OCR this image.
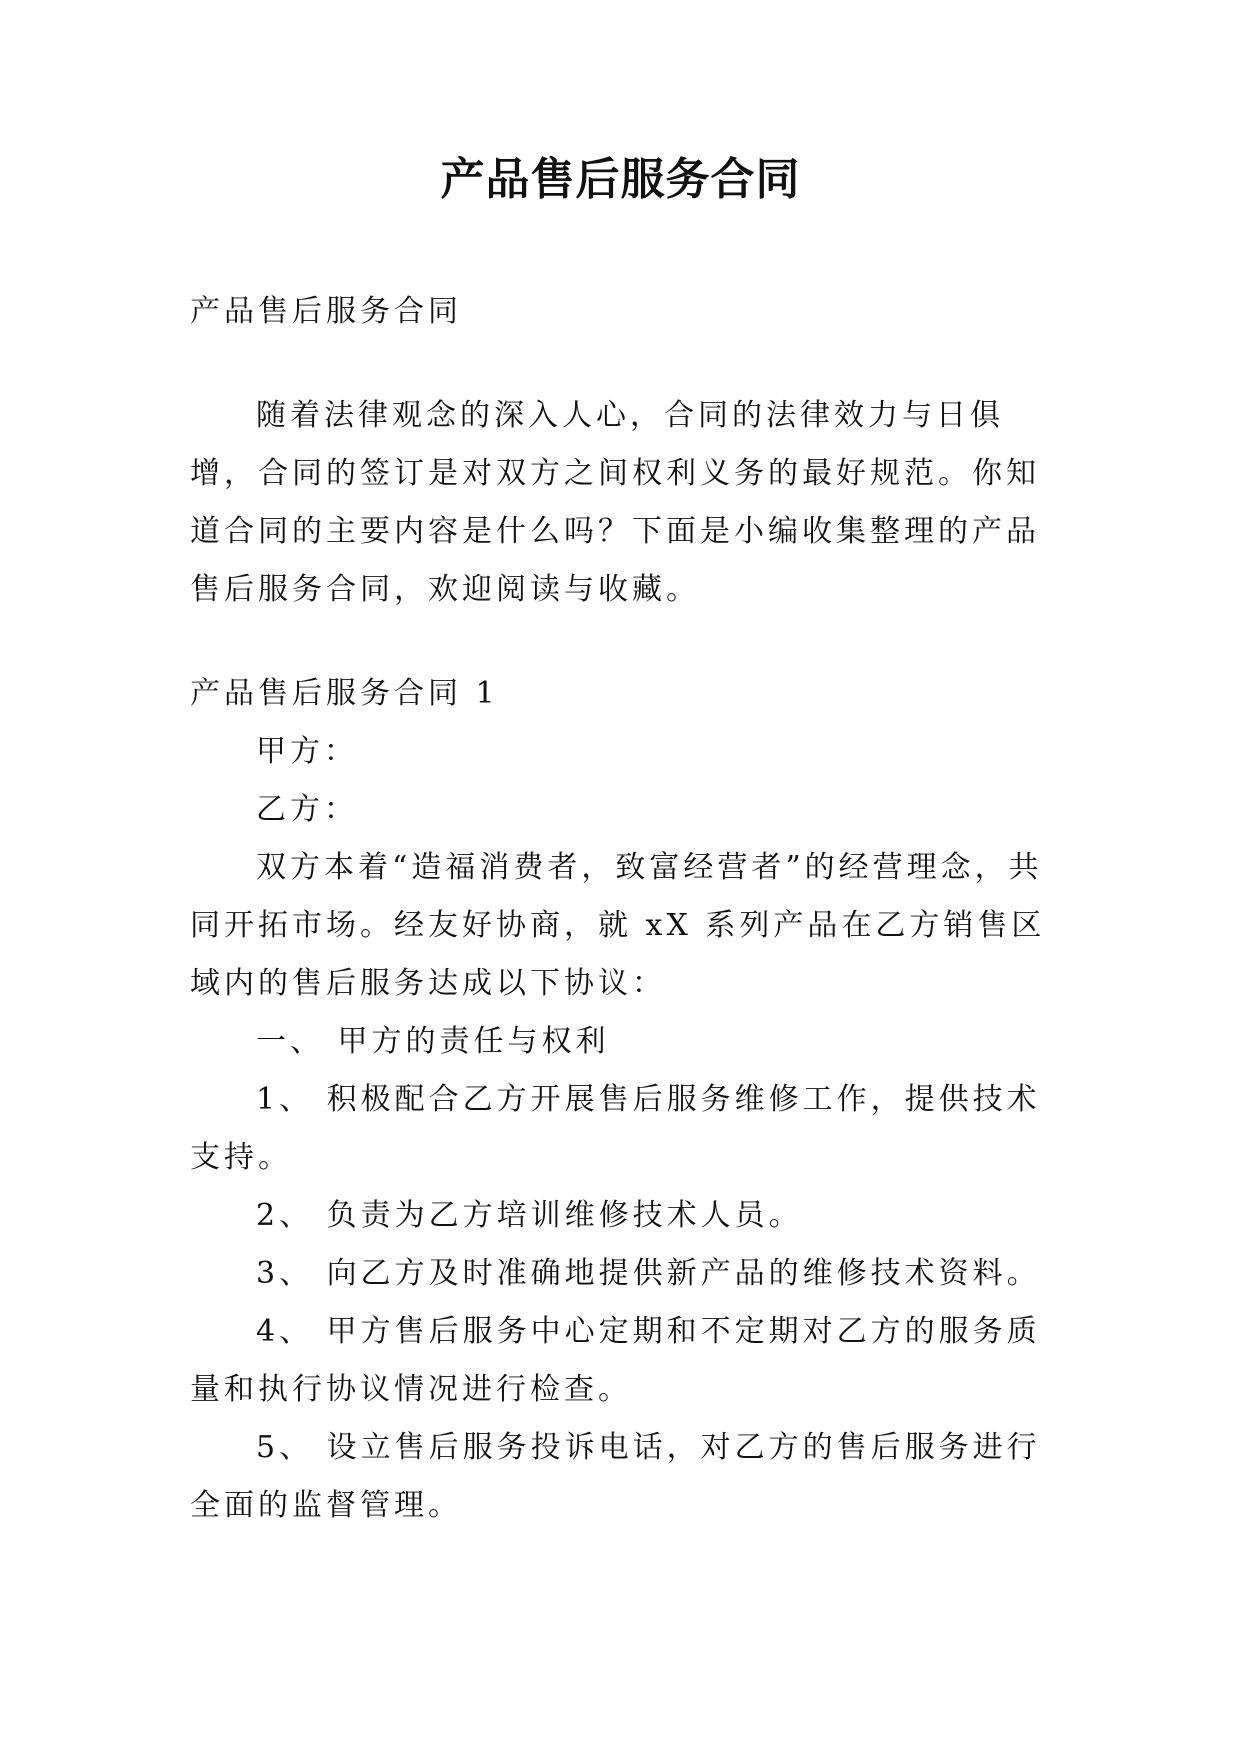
产品售后服务合同

产品售后服务合同

随着法律观念的深入人心，合同的法律效力与日俱增，合同的签订是对双方之间权利义务的最好规范。你知道合同的主要内容是什么吗？下面是小编收集整理的产品售后服务合同，欢迎阅读与收藏。

产品售后服务合同 1

甲方：

乙方：

双方本着“造福消费者，致富经营者”的经营理念，共同开拓市场。经友好协商，就 xX 系列产品在乙方销售区域内的售后服务达成以下协议：

一、 甲方的责任与权利

1、 积极配合乙方开展售后服务维修工作，提供技术支持。

2、 负责为乙方培训维修技术人员。

3、 向乙方及时准确地提供新产品的维修技术资料。

4、 甲方售后服务中心定期和不定期对乙方的服务质量和执行协议情况进行检查。

5、 设立售后服务投诉电话，对乙方的售后服务进行全面的监督管理。
